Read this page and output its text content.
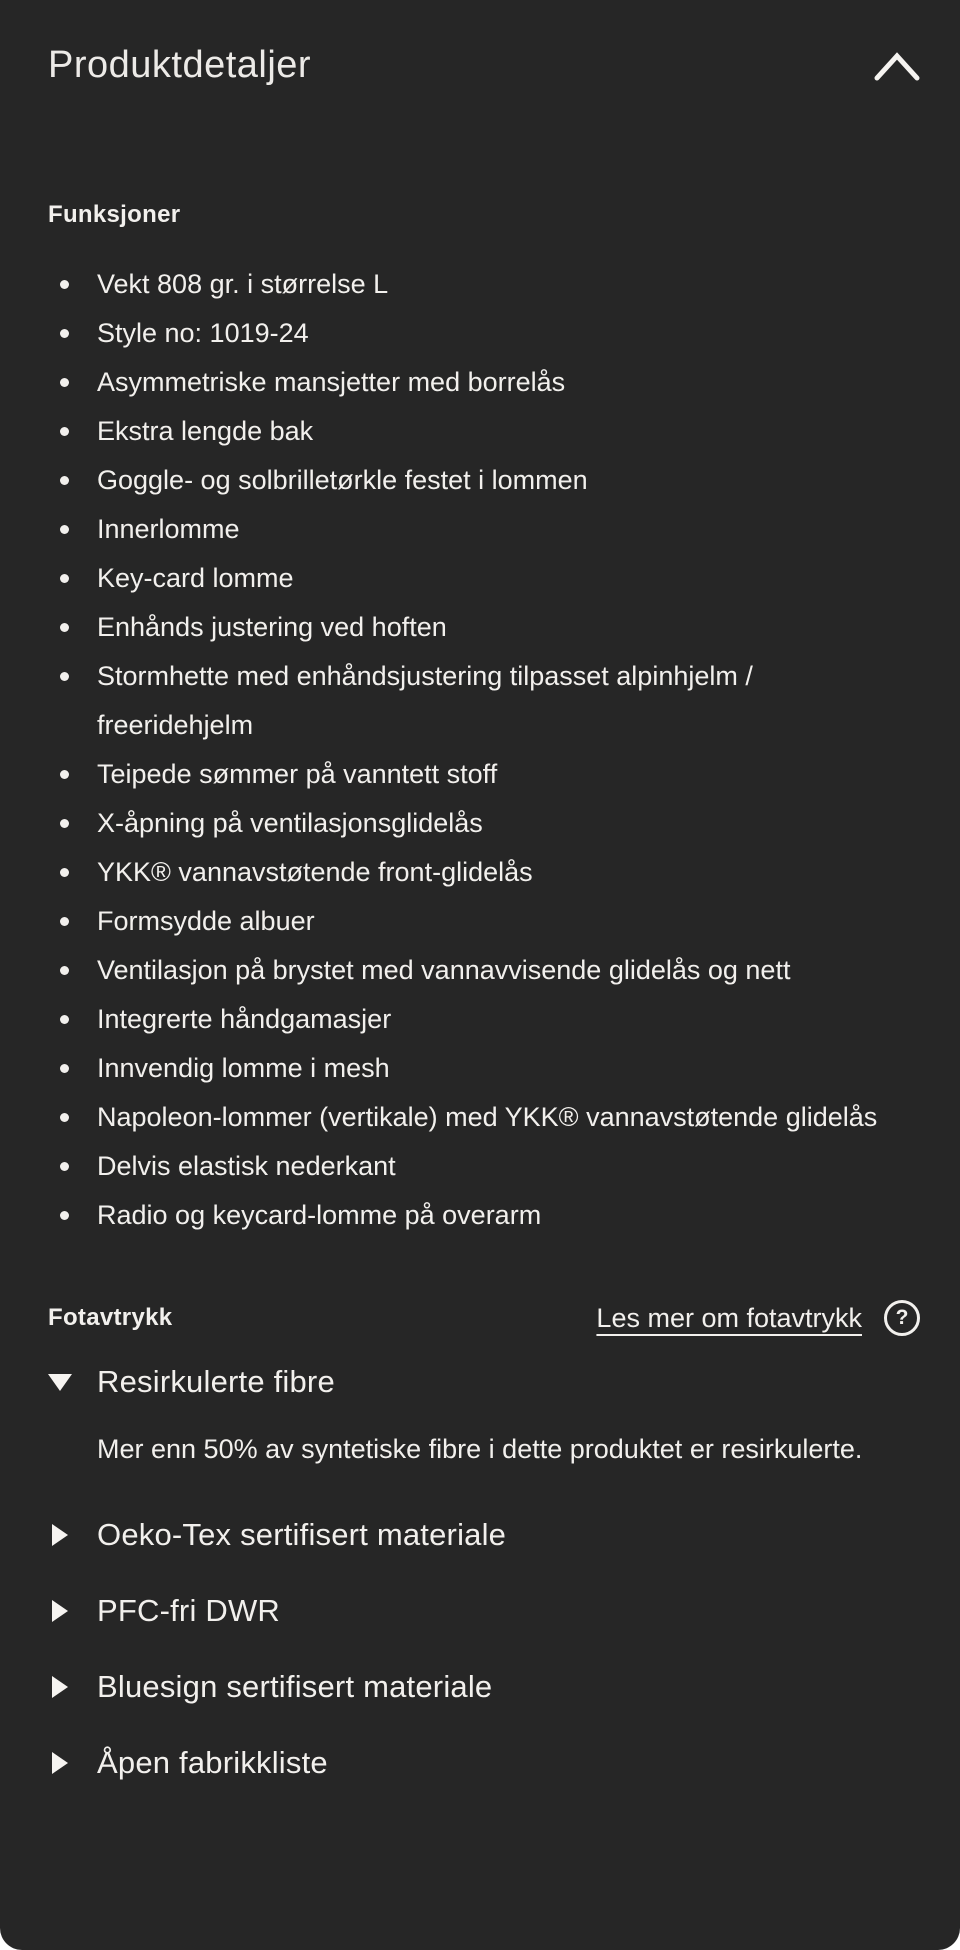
Produktdetaljer
Funksjoner
Vekt 808 gr. i størrelse L
Style no: 1019-24
Asymmetriske mansjetter med borrelås
Ekstra lengde bak
Goggle- og solbrilletørkle festet i lommen
Innerlomme
Key-card lomme
Enhånds justering ved hoften
Stormhette med enhåndsjustering tilpasset alpinhjelm / freeridehjelm
Teipede sømmer på vanntett stoff
X-åpning på ventilasjonsglidelås
YKK® vannavstøtende front-glidelås
Formsydde albuer
Ventilasjon på brystet med vannavvisende glidelås og nett
Integrerte håndgamasjer
Innvendig lomme i mesh
Napoleon-lommer (vertikale) med YKK® vannavstøtende glidelås
Delvis elastisk nederkant
Radio og keycard-lomme på overarm
Fotavtrykk	Les mer om fotavtrykk	?
Resirkulerte fibre

Mer enn 50% av syntetiske fibre i dette produktet er resirkulerte.

Oeko-Tex sertifisert materiale
PFC-fri DWR
Bluesign sertifisert materiale
Åpen fabrikkliste
